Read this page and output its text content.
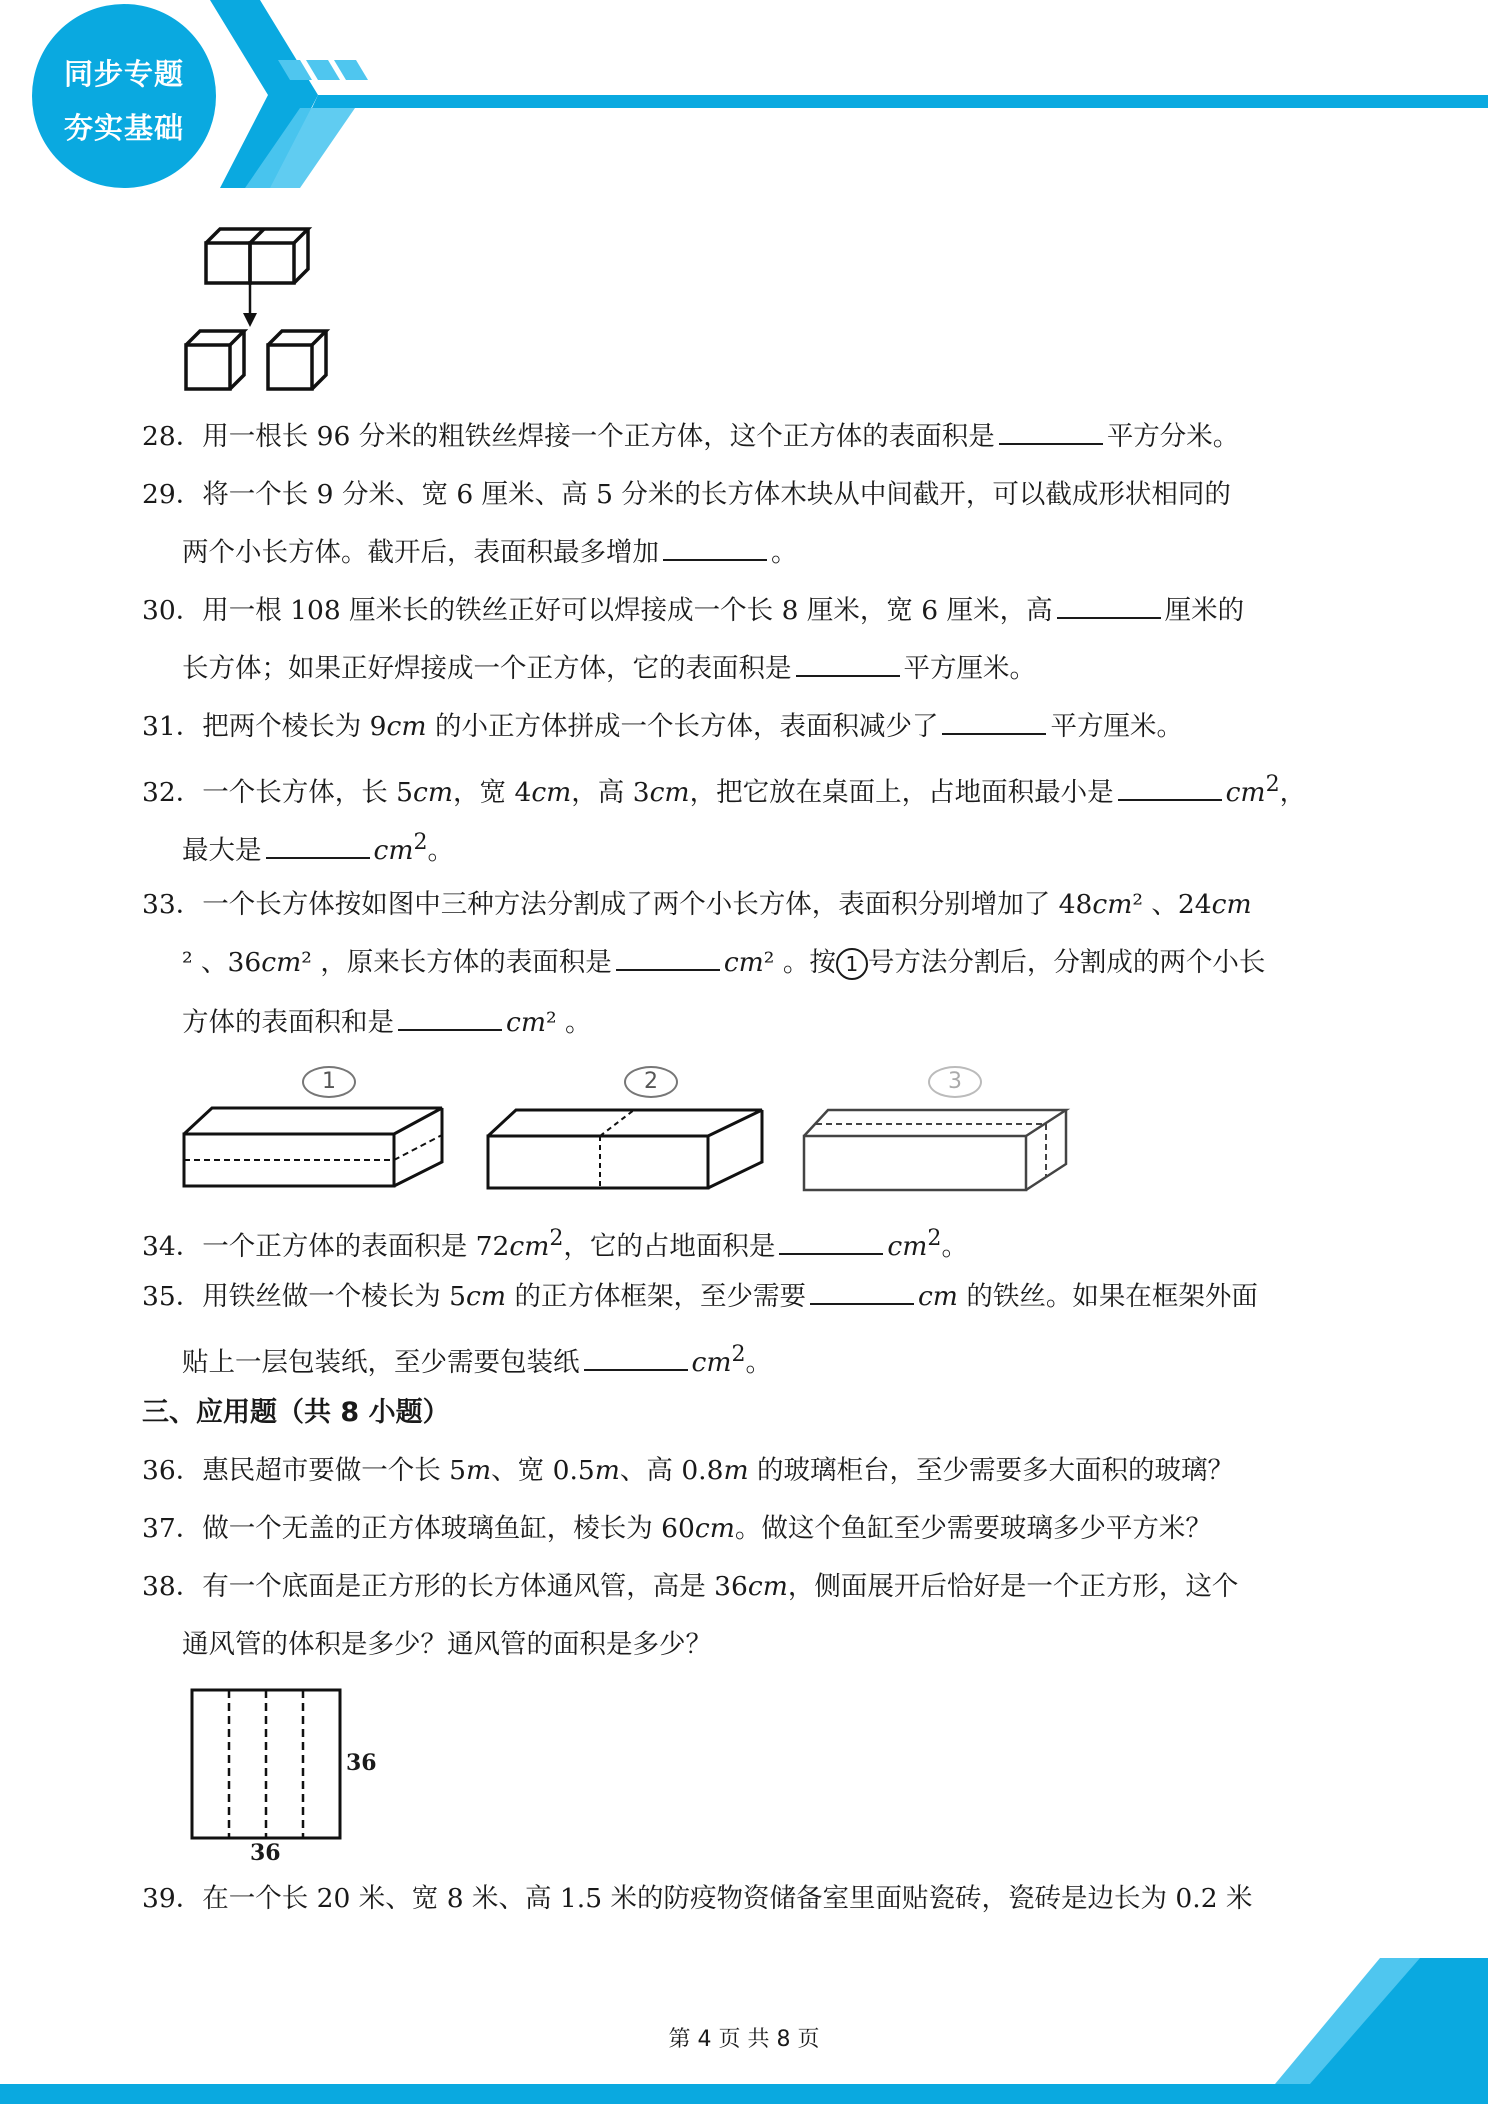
同步专题
夯实基础
28．用一根长 96 分米的粗铁丝焊接一个正方体，这个正方体的表面积是	平方分米。
29．将一个长 9 分米、宽 6 厘米、高 5 分米的长方体木块从中间截开，可以截成形状相同的
两个小长方体。截开后，表面积最多增加	。
30．用一根 108 厘米长的铁丝正好可以焊接成一个长 8 厘米，宽 6 厘米，高	厘米的
长方体；如果正好焊接成一个正方体，它的表面积是	平方厘米。
31．把两个棱长为 9cm 的小正方体拼成一个长方体，表面积减少了	平方厘米。
32．一个长方体，长 5cm，宽 4cm，高 3cm，把它放在桌面上，占地面积最小是	$cm^2$，
最大是	$cm^2$。
33．一个长方体按如图中三种方法分割成了两个小长方体，表面积分别增加了 48cm² 、24cm
² 、36cm² ，原来长方体的表面积是	cm² 。按 1 号方法分割后，分割成的两个小长
方体的表面积和是	cm² 。
1	2	3
34．一个正方体的表面积是 $72cm^2$，它的占地面积是	$cm^2$。
35．用铁丝做一个棱长为 5cm 的正方体框架，至少需要	cm 的铁丝。如果在框架外面
贴上一层包装纸，至少需要包装纸	$cm^2$。
三、应用题（共 8 小题）
36．惠民超市要做一个长 5m、宽 0.5m、高 0.8m 的玻璃柜台，至少需要多大面积的玻璃？
37．做一个无盖的正方体玻璃鱼缸，棱长为 60cm。做这个鱼缸至少需要玻璃多少平方米？
38．有一个底面是正方形的长方体通风管，高是 36cm，侧面展开后恰好是一个正方形，这个
通风管的体积是多少？通风管的面积是多少？
36
36
39．在一个长 20 米、宽 8 米、高 1.5 米的防疫物资储备室里面贴瓷砖，瓷砖是边长为 0.2 米
第 4 页 共 8 页
